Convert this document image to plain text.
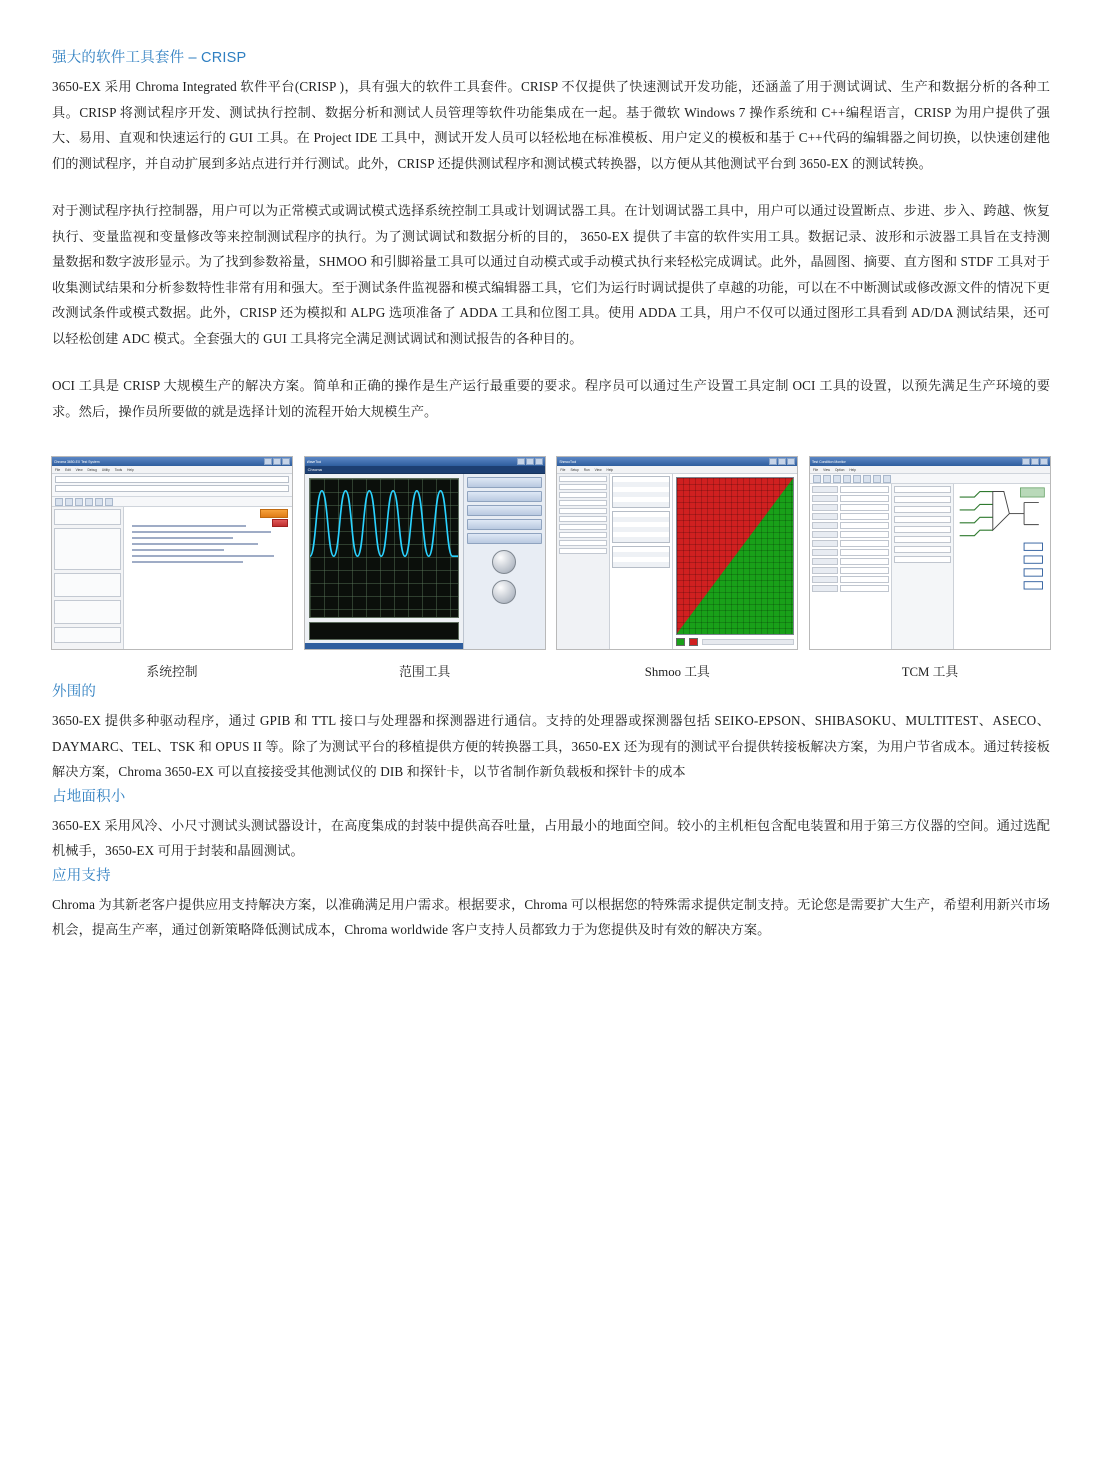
强大的软件工具套件 – CRISP

3650-EX 采用 Chroma Integrated 软件平台(CRISP )，具有强大的软件工具套件。CRISP 不仅提供了快速测试开发功能，还涵盖了用于测试调试、生产和数据分析的各种工具。CRISP 将测试程序开发、测试执行控制、数据分析和测试人员管理等软件功能集成在一起。基于微软 Windows 7 操作系统和 C++编程语言，CRISP 为用户提供了强大、易用、直观和快速运行的 GUI 工具。在 Project IDE 工具中，测试开发人员可以轻松地在标准模板、用户定义的模板和基于 C++代码的编辑器之间切换，以快速创建他们的测试程序，并自动扩展到多站点进行并行测试。此外，CRISP 还提供测试程序和测试模式转换器，以方便从其他测试平台到 3650-EX 的测试转换。

对于测试程序执行控制器，用户可以为正常模式或调试模式选择系统控制工具或计划调试器工具。在计划调试器工具中，用户可以通过设置断点、步进、步入、跨越、恢复执行、变量监视和变量修改等来控制测试程序的执行。为了测试调试和数据分析的目的， 3650-EX 提供了丰富的软件实用工具。数据记录、波形和示波器工具旨在支持测量数据和数字波形显示。为了找到参数裕量，SHMOO 和引脚裕量工具可以通过自动模式或手动模式执行来轻松完成调试。此外，晶圆图、摘要、直方图和 STDF 工具对于收集测试结果和分析参数特性非常有用和强大。至于测试条件监视器和模式编辑器工具，它们为运行时调试提供了卓越的功能，可以在不中断测试或修改源文件的情况下更改测试条件或模式数据。此外，CRISP 还为模拟和 ALPG 选项准备了 ADDA 工具和位图工具。使用 ADDA 工具，用户不仅可以通过图形工具看到 AD/DA 测试结果，还可以轻松创建 ADC 模式。全套强大的 GUI 工具将完全满足测试调试和测试报告的各种目的。

OCI 工具是 CRISP 大规模生产的解决方案。简单和正确的操作是生产运行最重要的要求。程序员可以通过生产设置工具定制 OCI 工具的设置，以预先满足生产环境的要求。然后，操作员所要做的就是选择计划的流程开始大规模生产。

Chroma 3650-EX Test System
File Edit View Debug Utility Tools Help
系统控制
WaveTool
Chroma
范围工具
ShmooTool
File Setup Run View Help
Shmoo 工具
Test Condition Monitor
File View Option Help
TCM 工具
外围的

3650-EX 提供多种驱动程序，通过 GPIB 和 TTL 接口与处理器和探测器进行通信。支持的处理器或探测器包括 SEIKO-EPSON、SHIBASOKU、MULTITEST、ASECO、DAYMARC、TEL、TSK 和 OPUS II 等。除了为测试平台的移植提供方便的转换器工具，3650-EX 还为现有的测试平台提供转接板解决方案，为用户节省成本。通过转接板解决方案，Chroma 3650-EX 可以直接接受其他测试仪的 DIB 和探针卡，以节省制作新负载板和探针卡的成本

占地面积小

3650-EX 采用风冷、小尺寸测试头测试器设计，在高度集成的封装中提供高吞吐量，占用最小的地面空间。较小的主机柜包含配电装置和用于第三方仪器的空间。通过选配机械手，3650-EX 可用于封装和晶圆测试。

应用支持

Chroma 为其新老客户提供应用支持解决方案，以准确满足用户需求。根据要求，Chroma 可以根据您的特殊需求提供定制支持。无论您是需要扩大生产，希望利用新兴市场机会，提高生产率，通过创新策略降低测试成本，Chroma worldwide 客户支持人员都致力于为您提供及时有效的解决方案。
